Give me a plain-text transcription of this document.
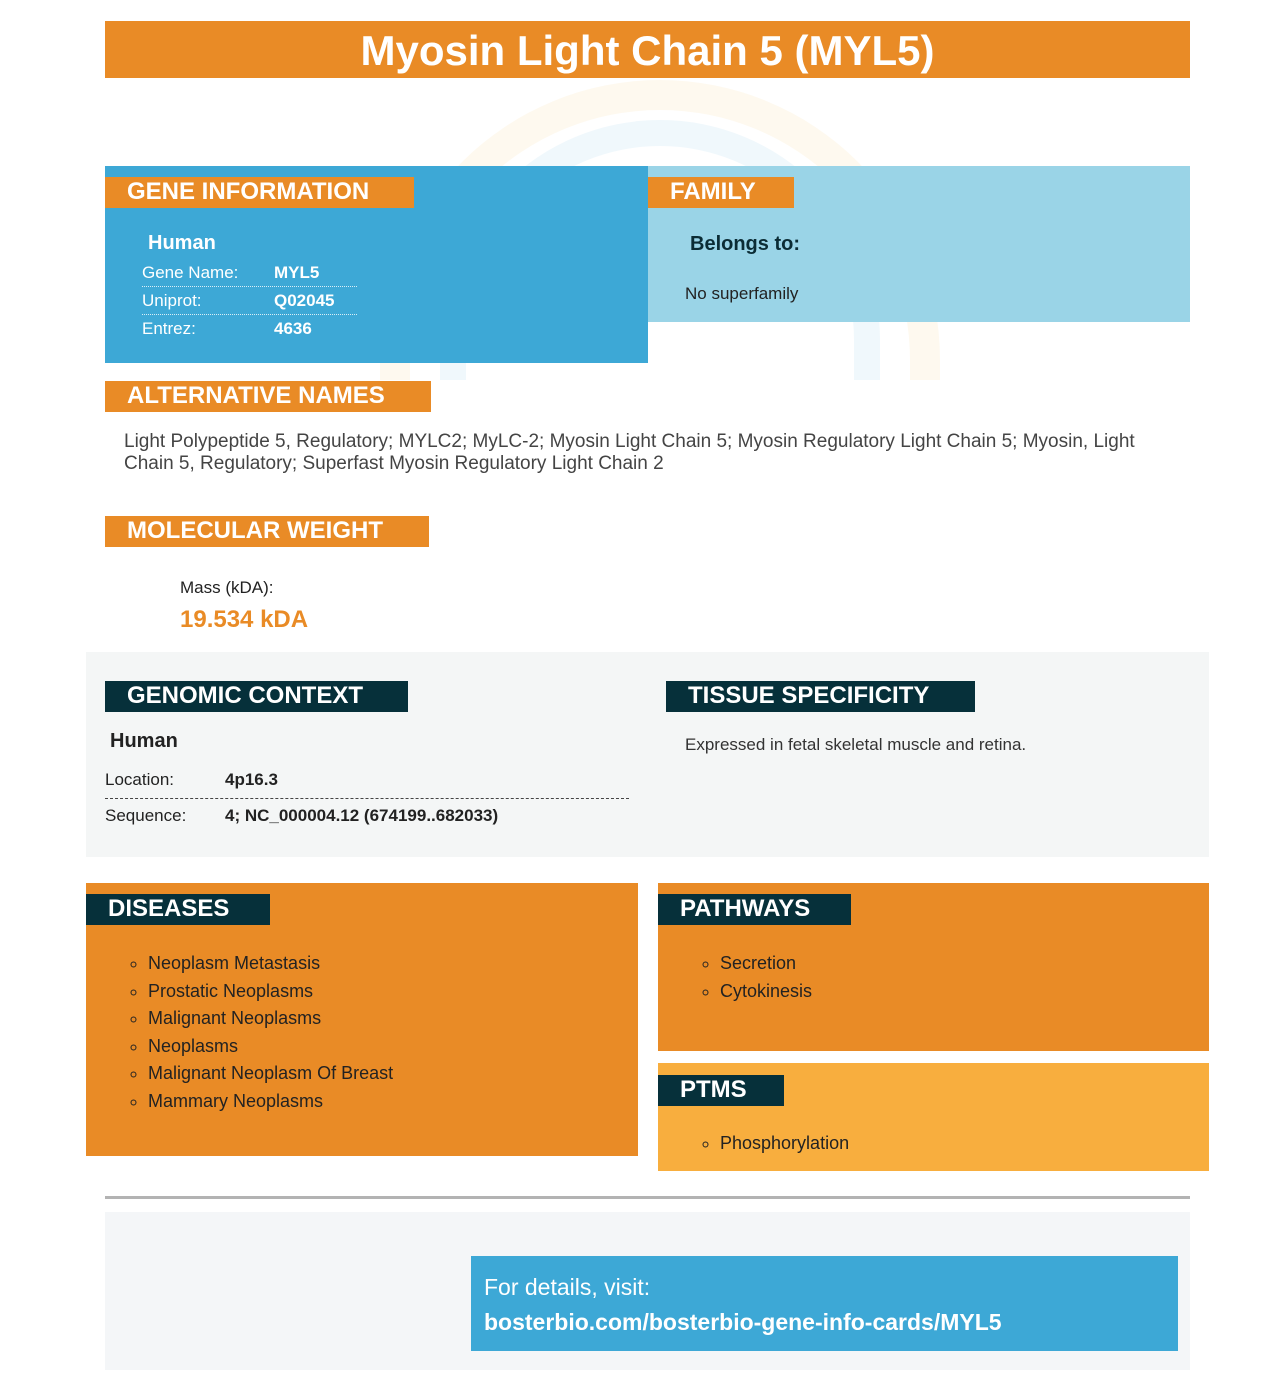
Myosin Light Chain 5 (MYL5)
GENE INFORMATION
Human
Gene Name:	MYL5
Uniprot:	Q02045
Entrez:	4636
FAMILY
Belongs to:
No superfamily
ALTERNATIVE NAMES
Light Polypeptide 5, Regulatory; MYLC2; MyLC-2; Myosin Light Chain 5; Myosin Regulatory Light Chain 5; Myosin, Light Chain 5, Regulatory; Superfast Myosin Regulatory Light Chain 2
MOLECULAR WEIGHT
Mass (kDA):
19.534 kDA
GENOMIC CONTEXT
Human
Location:	4p16.3
Sequence:	4; NC_000004.12 (674199..682033)
TISSUE SPECIFICITY
Expressed in fetal skeletal muscle and retina.
DISEASES
◦ Neoplasm Metastasis
◦ Prostatic Neoplasms
◦ Malignant Neoplasms
◦ Neoplasms
◦ Malignant Neoplasm Of Breast
◦ Mammary Neoplasms
PATHWAYS
◦ Secretion
◦ Cytokinesis
PTMS
◦ Phosphorylation
For details, visit:
bosterbio.com/bosterbio-gene-info-cards/MYL5
